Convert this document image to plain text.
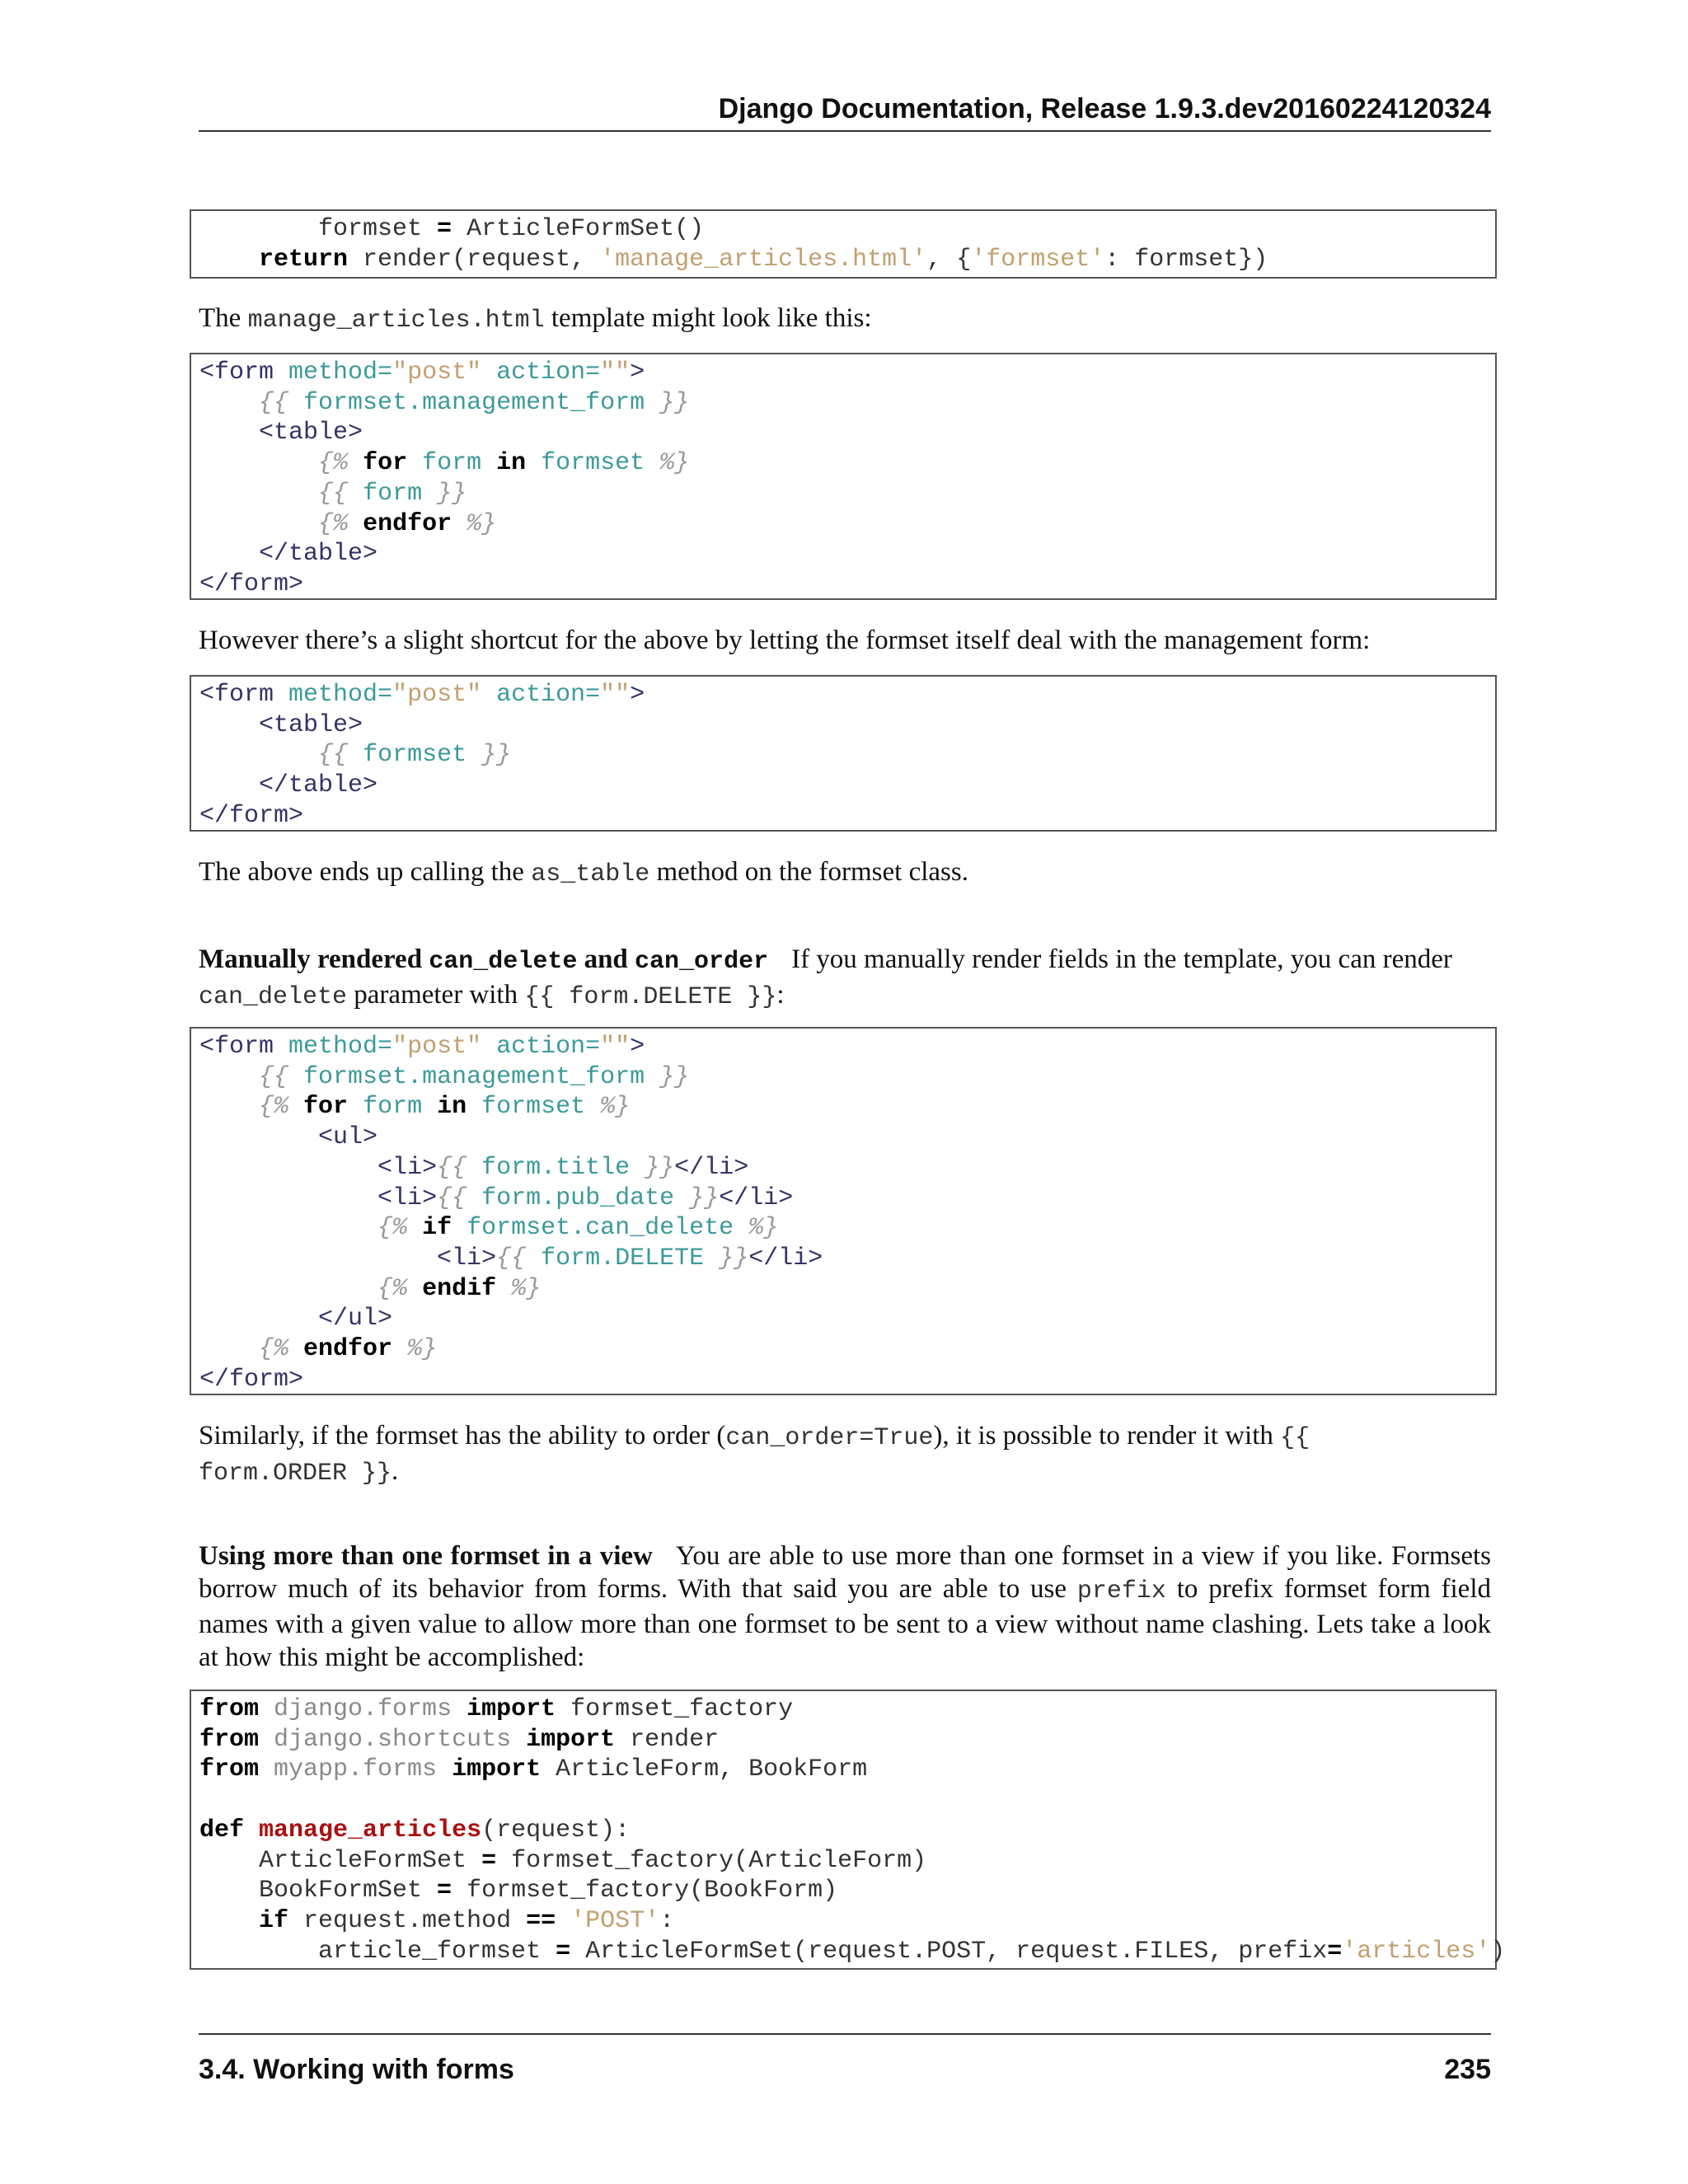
Django Documentation, Release 1.9.3.dev20160224120324
formset = ArticleFormSet()
return render(request, 'manage_articles.html', {'formset': formset})
The manage_articles.html template might look like this:
<form method="post" action="">
{{ formset.management_form }}
<table>
{% for form in formset %}
{{ form }}
{% endfor %}
</table>
</form>
However there’s a slight shortcut for the above by letting the formset itself deal with the management form:
<form method="post" action="">
<table>
{{ formset }}
</table>
</form>
The above ends up calling the as_table method on the formset class.
Manually rendered can_delete and can_order If you manually render fields in the template, you can render
can_delete parameter with {{ form.DELETE }}:
<form method="post" action="">
{{ formset.management_form }}
{% for form in formset %}
<ul>
<li>{{ form.title }}</li>
<li>{{ form.pub_date }}</li>
{% if formset.can_delete %}
<li>{{ form.DELETE }}</li>
{% endif %}
</ul>
{% endfor %}
</form>
Similarly, if the formset has the ability to order (can_order=True), it is possible to render it with {{
form.ORDER }}.
Using more than one formset in a view You are able to use more than one formset in a view if you like. Formsets borrow much of its behavior from forms. With that said you are able to use prefix to prefix formset form field names with a given value to allow more than one formset to be sent to a view without name clashing. Lets take a look at how this might be accomplished:
from django.forms import formset_factory
from django.shortcuts import render
from myapp.forms import ArticleForm, BookForm

def manage_articles(request):
ArticleFormSet = formset_factory(ArticleForm)
BookFormSet = formset_factory(BookForm)
if request.method == 'POST':
article_formset = ArticleFormSet(request.POST, request.FILES, prefix='articles')
3.4. Working with forms	235
